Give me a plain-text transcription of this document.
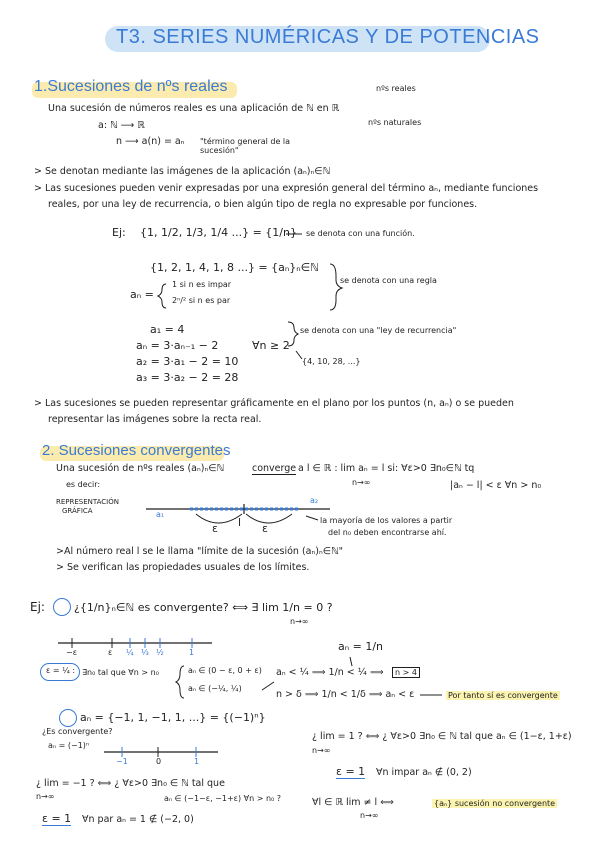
T3. SERIES NUMÉRICAS Y DE POTENCIAS
1.Sucesiones de nºs reales
Una sucesión de números reales es una aplicación de ℕ en ℝ
nºs reales
nºs naturales
a: ℕ ⟶ ℝ
n ⟶ a(n) = aₙ "término general de la sucesión"
> Se denotan mediante las imágenes de la aplicación (aₙ)ₙ∈ℕ
> Las sucesiones pueden venir expresadas por una expresión general del término aₙ, mediante funciones
reales, por una ley de recurrencia, o bien algún tipo de regla no expresable por funciones.
Ej: {1, 1/2, 1/3, 1/4 ...} = {1/n} se denota con una función.
{1, 2, 1, 4, 1, 8 ...} = {aₙ}ₙ∈ℕ
aₙ =
1 si n es impar
2ⁿ/² si n es par
se denota con una regla
a₁ = 4
aₙ = 3·aₙ₋₁ − 2	∀n ≥ 2
a₂ = 3·a₁ − 2 = 10
a₃ = 3·a₂ − 2 = 28
se denota con una "ley de recurrencia"
{4, 10, 28, ...}
> Las sucesiones se pueden representar gráficamente en el plano por los puntos (n, aₙ) o se pueden
representar las imágenes sobre la recta real.
2. Sucesiones convergentes
Una sucesión de nºs reales (aₙ)ₙ∈ℕ	converge a l ∈ ℝ : lim aₙ = l si: ∀ε>0 ∃n₀∈ℕ tq
n→∞	|aₙ − l| < ε ∀n > n₀
es decir:
REPRESENTACIÓN
GRÁFICA
l
ε	ε
a₁
a₂
la mayoría de los valores a partir
del n₀ deben encontrarse ahí.
>Al número real l se le llama "límite de la sucesión (aₙ)ₙ∈ℕ"
> Se verifican las propiedades usuales de los límites.
Ej:	¿{1/n}ₙ∈ℕ es convergente? ⟺ ∃ lim 1/n = 0 ?
n→∞
−ε	ε ¼ ⅓ ½	1	aₙ = 1/n
ε = ¼ : ∃n₀ tal que ∀n > n₀	aₙ ∈ (0 − ε, 0 + ε)
aₙ ∈ (−¼, ¼)
aₙ < ¼ ⟹ 1/n < ¼ ⟹	n > 4
n > δ ⟹ 1/n < 1/δ ⟹ aₙ < ε	Por tanto sí es convergente
aₙ = {−1, 1, −1, 1, ...} = {(−1)ⁿ}
¿Es convergente?
aₙ = (−1)ⁿ
−1	0	1
¿ lim = 1 ? ⟺ ¿ ∀ε>0 ∃n₀ ∈ ℕ tal que aₙ ∈ (1−ε, 1+ε)
n→∞
¿ lim = −1 ? ⟺ ¿ ∀ε>0 ∃n₀ ∈ ℕ tal que
n→∞	aₙ ∈ (−1−ε, −1+ε) ∀n > n₀ ?
ε = 1 ∀n impar aₙ ∉ (0, 2)
ε = 1 ∀n par aₙ = 1 ∉ (−2, 0)
∀l ∈ ℝ lim ≠ l ⟺
n→∞
{aₙ} sucesión no convergente
